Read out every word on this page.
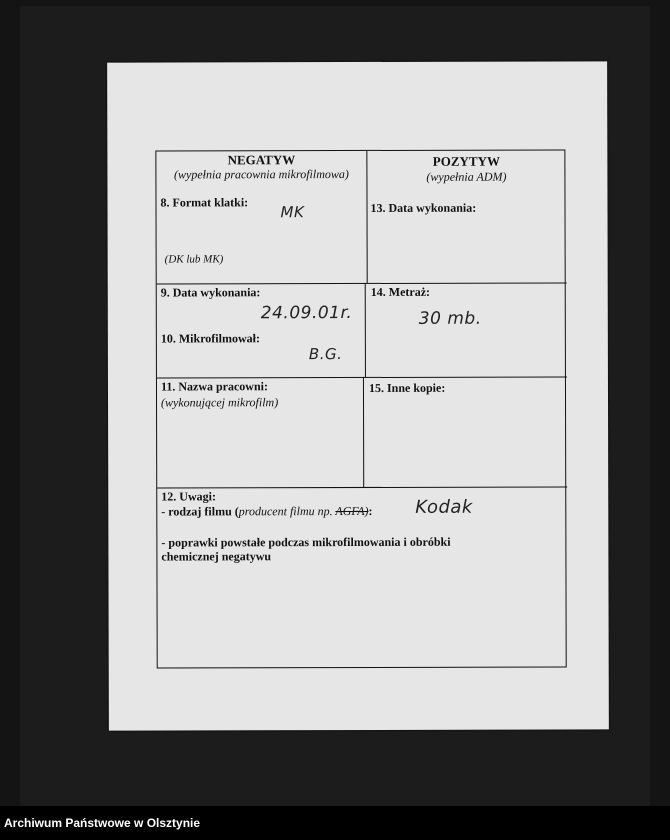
NEGATYW
(wypełnia pracownia mikrofilmowa)
POZYTYW
(wypełnia ADM)
8. Format klatki:
MK
(DK lub MK)
13. Data wykonania:
9. Data wykonania:
24.09.01r.
10. Mikrofilmował:
B.G.
14. Metraż:
30 mb.
11. Nazwa pracowni:
(wykonującej mikrofilm)
15. Inne kopie:
12. Uwagi:
- rodzaj filmu (producent filmu np. AGFA): Kodak
- poprawki powstałe podczas mikrofilmowania i obróbki
chemicznej negatywu
Archiwum Państwowe w Olsztynie
